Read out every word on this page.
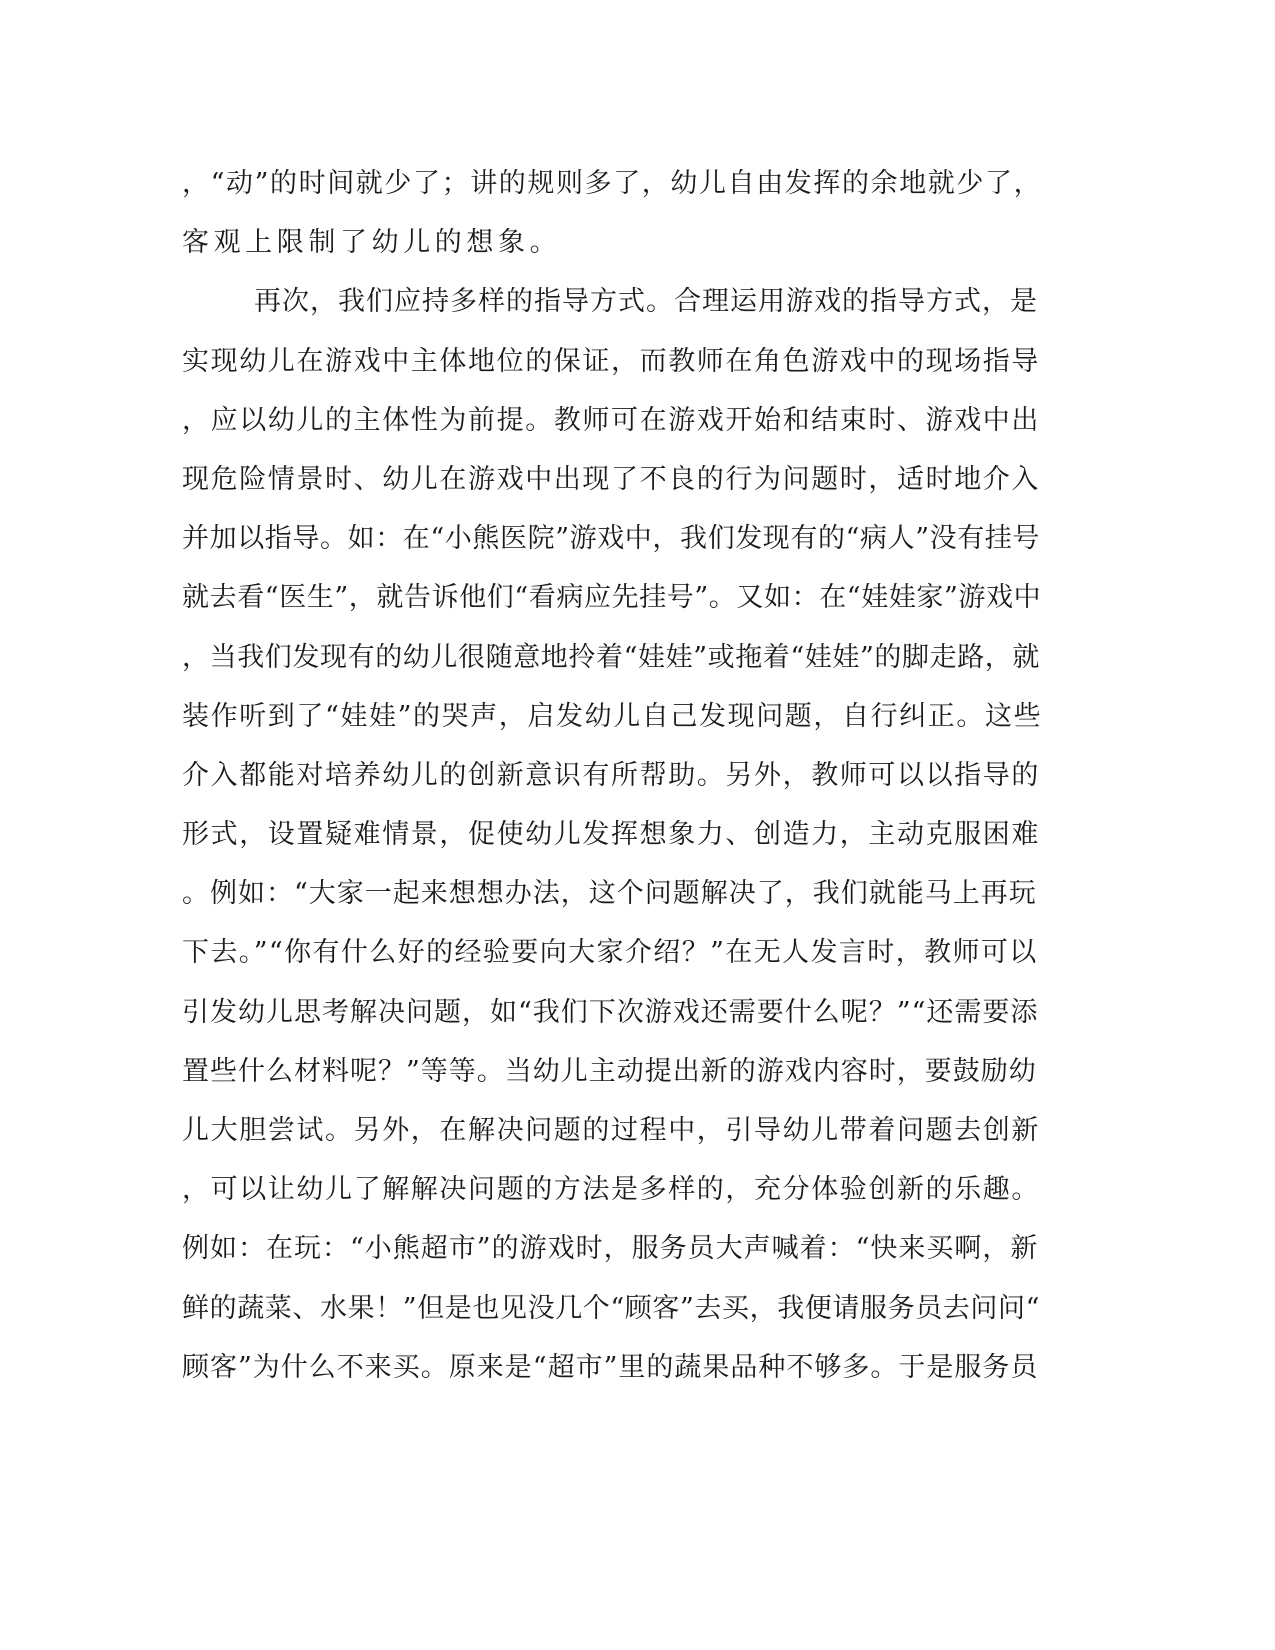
，“动”的时间就少了；讲的规则多了，幼儿自由发挥的余地就少了，
客观上限制了幼儿的想象。
再次，我们应持多样的指导方式。合理运用游戏的指导方式，是
实现幼儿在游戏中主体地位的保证，而教师在角色游戏中的现场指导
，应以幼儿的主体性为前提。教师可在游戏开始和结束时、游戏中出
现危险情景时、幼儿在游戏中出现了不良的行为问题时，适时地介入
并加以指导。如：在“小熊医院”游戏中，我们发现有的“病人”没有挂号
就去看“医生”，就告诉他们“看病应先挂号”。又如：在“娃娃家”游戏中
，当我们发现有的幼儿很随意地拎着“娃娃”或拖着“娃娃”的脚走路，就
装作听到了“娃娃”的哭声，启发幼儿自己发现问题，自行纠正。这些
介入都能对培养幼儿的创新意识有所帮助。另外，教师可以以指导的
形式，设置疑难情景，促使幼儿发挥想象力、创造力，主动克服困难
。例如：“大家一起来想想办法，这个问题解决了，我们就能马上再玩
下去。”“你有什么好的经验要向大家介绍？”在无人发言时，教师可以
引发幼儿思考解决问题，如“我们下次游戏还需要什么呢？”“还需要添
置些什么材料呢？”等等。当幼儿主动提出新的游戏内容时，要鼓励幼
儿大胆尝试。另外，在解决问题的过程中，引导幼儿带着问题去创新
，可以让幼儿了解解决问题的方法是多样的，充分体验创新的乐趣。
例如：在玩：“小熊超市”的游戏时，服务员大声喊着：“快来买啊，新
鲜的蔬菜、水果！”但是也见没几个“顾客”去买，我便请服务员去问问“
顾客”为什么不来买。原来是“超市”里的蔬果品种不够多。于是服务员
